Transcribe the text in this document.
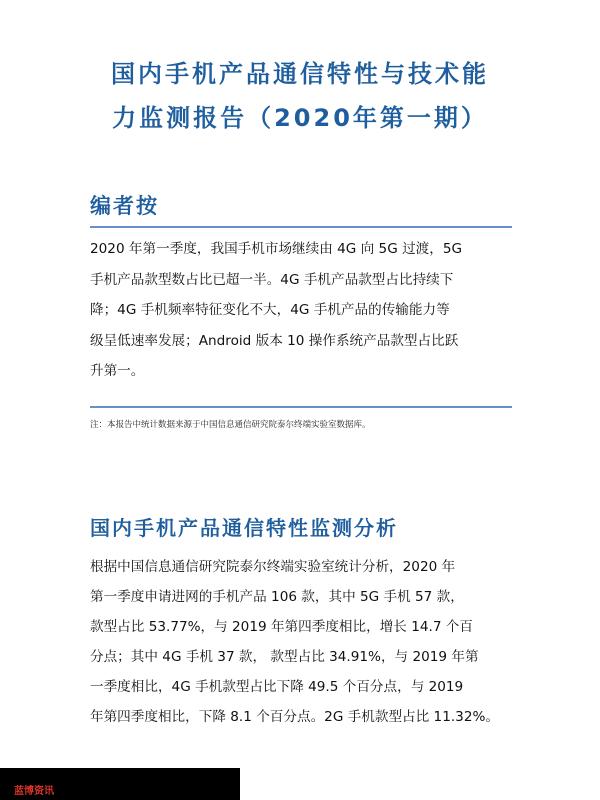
国内手机产品通信特性与技术能
力监测报告（2020年第一期）
编者按
2020 年第一季度，我国手机市场继续由 4G 向 5G 过渡，5G
手机产品款型数占比已超一半。4G 手机产品款型占比持续下
降；4G 手机频率特征变化不大，4G 手机产品的传输能力等
级呈低速率发展；Android 版本 10 操作系统产品款型占比跃
升第一。
注：本报告中统计数据来源于中国信息通信研究院泰尔终端实验室数据库。
国内手机产品通信特性监测分析
根据中国信息通信研究院泰尔终端实验室统计分析，2020 年
第一季度申请进网的手机产品 106 款，其中 5G 手机 57 款，
款型占比 53.77%，与 2019 年第四季度相比，增长 14.7 个百
分点；其中 4G 手机 37 款， 款型占比 34.91%，与 2019 年第
一季度相比，4G 手机款型占比下降 49.5 个百分点，与 2019
年第四季度相比，下降 8.1 个百分点。2G 手机款型占比 11.32%。
蓝博资讯
